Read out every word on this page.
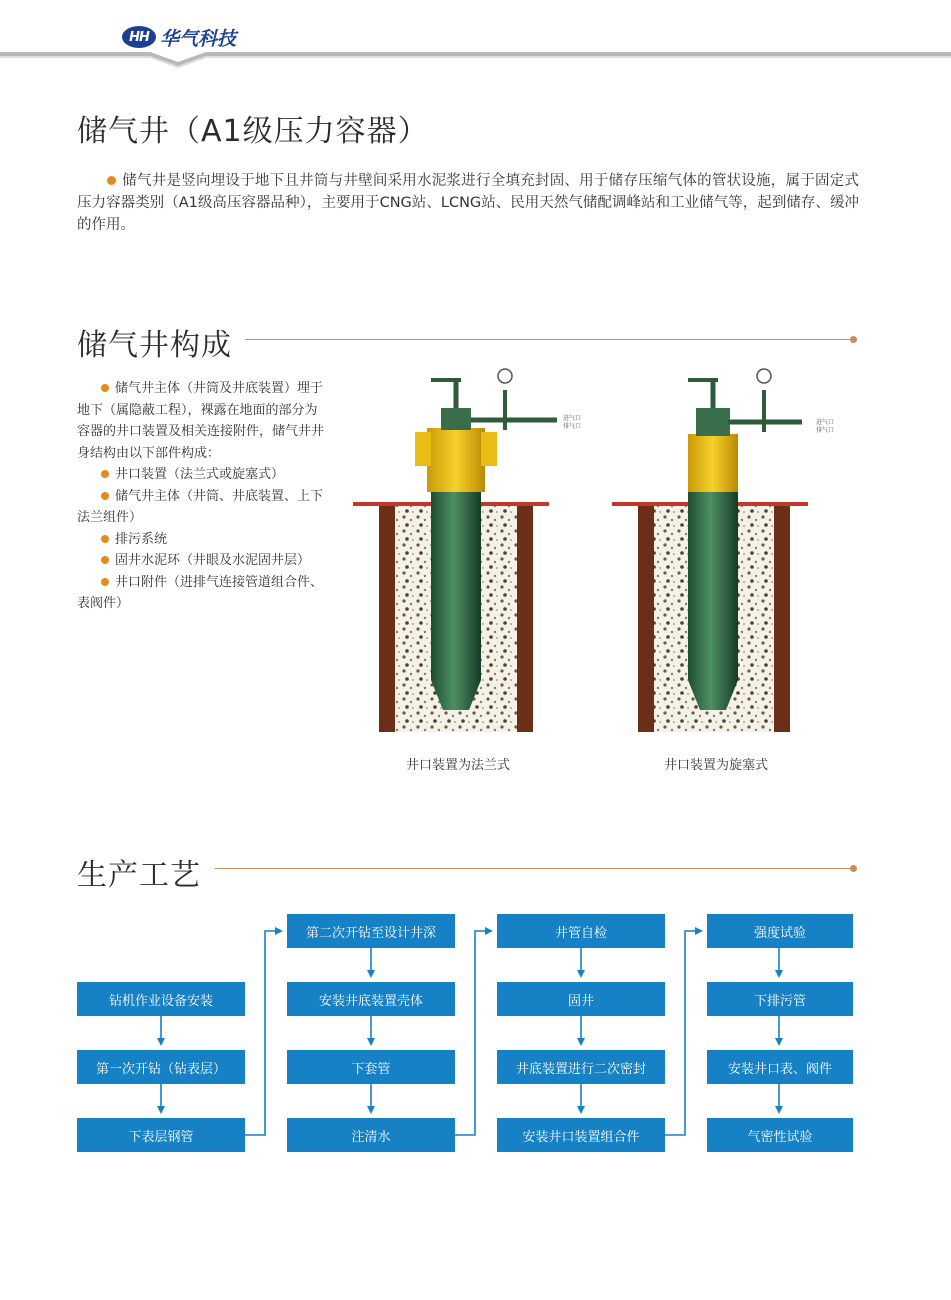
HH 华气科技
储气井（A1级压力容器）

储气井是竖向埋设于地下且井筒与井壁间采用水泥浆进行全填充封固、用于储存压缩气体的管状设施，属于固定式压力容器类别（A1级高压容器品种），主要用于CNG站、LCNG站、民用天然气储配调峰站和工业储气等，起到储存、缓冲的作用。

储气井构成

储气井主体（井筒及井底装置）埋于地下（属隐蔽工程），裸露在地面的部分为容器的井口装置及相关连接附件，储气井井身结构由以下部件构成：

井口装置（法兰式或旋塞式）

储气井主体（井筒、井底装置、上下法兰组件）

排污系统

固井水泥环（井眼及水泥固井层）

井口附件（进排气连接管道组合件、表阀件）

进气口
排气口
井口装置为法兰式
进气口
排气口
井口装置为旋塞式
生产工艺
钻机作业设备安装
第一次开钻（钻表层）
下表层钢管
第二次开钻至设计井深
安装井底装置壳体
下套管
注清水
井管自检
固井
井底装置进行二次密封
安装井口装置组合件
强度试验
下排污管
安装井口表、阀件
气密性试验
